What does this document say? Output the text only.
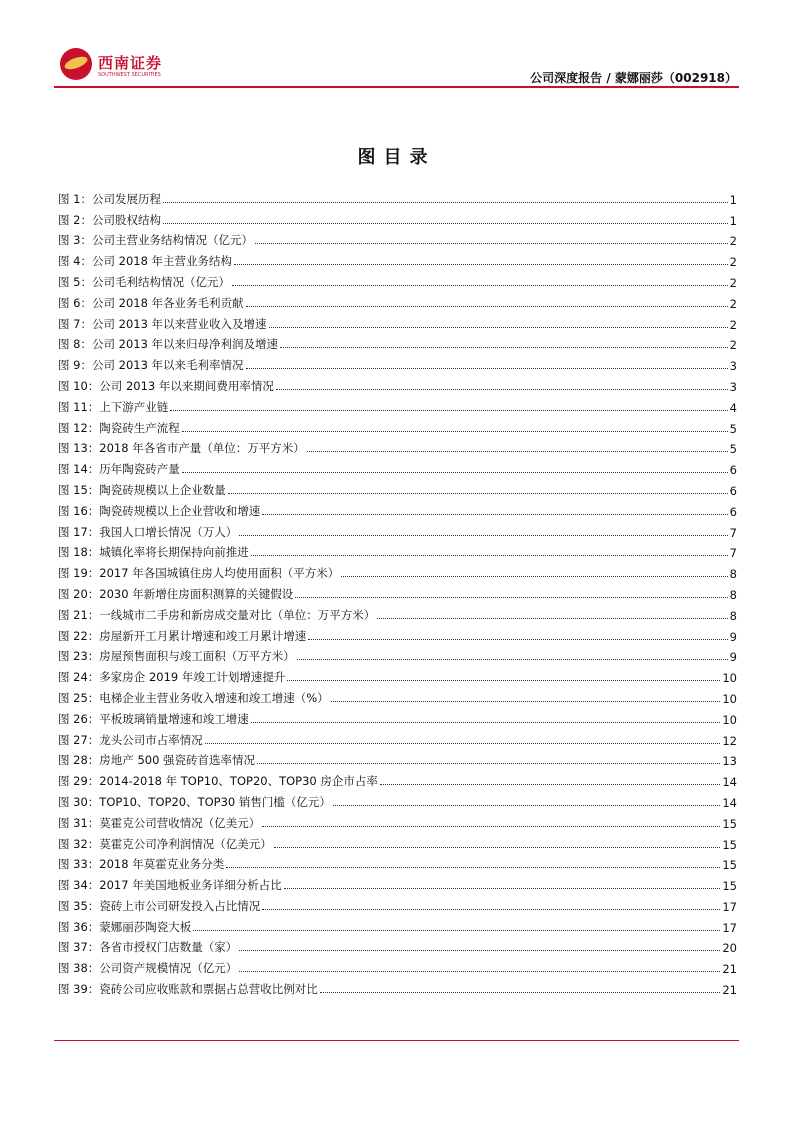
西南证券
SOUTHWEST SECURITIES	公司深度报告 / 蒙娜丽莎（002918）
图目录
图 1：公司发展历程	1
图 2：公司股权结构	1
图 3：公司主营业务结构情况（亿元）	2
图 4：公司 2018 年主营业务结构	2
图 5：公司毛利结构情况（亿元）	2
图 6：公司 2018 年各业务毛利贡献	2
图 7：公司 2013 年以来营业收入及增速	2
图 8：公司 2013 年以来归母净利润及增速	2
图 9：公司 2013 年以来毛利率情况	3
图 10：公司 2013 年以来期间费用率情况	3
图 11：上下游产业链	4
图 12：陶瓷砖生产流程	5
图 13：2018 年各省市产量（单位：万平方米）	5
图 14：历年陶瓷砖产量	6
图 15：陶瓷砖规模以上企业数量	6
图 16：陶瓷砖规模以上企业营收和增速	6
图 17：我国人口增长情况（万人）	7
图 18：城镇化率将长期保持向前推进	7
图 19：2017 年各国城镇住房人均使用面积（平方米）	8
图 20：2030 年新增住房面积测算的关键假设	8
图 21：一线城市二手房和新房成交量对比（单位：万平方米）	8
图 22：房屋新开工月累计增速和竣工月累计增速	9
图 23：房屋预售面积与竣工面积（万平方米）	9
图 24：多家房企 2019 年竣工计划增速提升	10
图 25：电梯企业主营业务收入增速和竣工增速（%）	10
图 26：平板玻璃销量增速和竣工增速	10
图 27：龙头公司市占率情况	12
图 28：房地产 500 强瓷砖首选率情况	13
图 29：2014-2018 年 TOP10、TOP20、TOP30 房企市占率	14
图 30：TOP10、TOP20、TOP30 销售门槛（亿元）	14
图 31：莫霍克公司营收情况（亿美元）	15
图 32：莫霍克公司净利润情况（亿美元）	15
图 33：2018 年莫霍克业务分类	15
图 34：2017 年美国地板业务详细分析占比	15
图 35：瓷砖上市公司研发投入占比情况	17
图 36：蒙娜丽莎陶瓷大板	17
图 37：各省市授权门店数量（家）	20
图 38：公司资产规模情况（亿元）	21
图 39：瓷砖公司应收账款和票据占总营收比例对比	21
